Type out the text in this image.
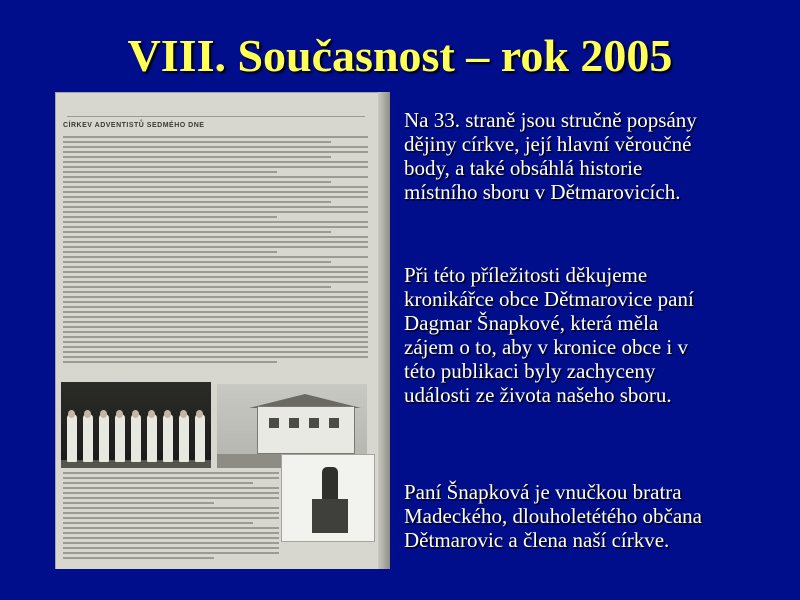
VIII. Současnost – rok 2005
CÍRKEV ADVENTISTŮ SEDMÉHO DNE	Na 33. straně jsou stručně popsány
dějiny církve, její hlavní věroučné
body, a také obsáhlá historie
místního sboru v Dětmarovicích.
Při této příležitosti děkujeme
kronikářce obce Dětmarovice paní
Dagmar Šnapkové, která měla
zájem o to, aby v kronice obce i v
této publikaci byly zachyceny
události ze života našeho sboru.
Paní Šnapková je vnučkou bratra
Madeckého, dlouholetétého občana
Dětmarovic a člena naší církve.
